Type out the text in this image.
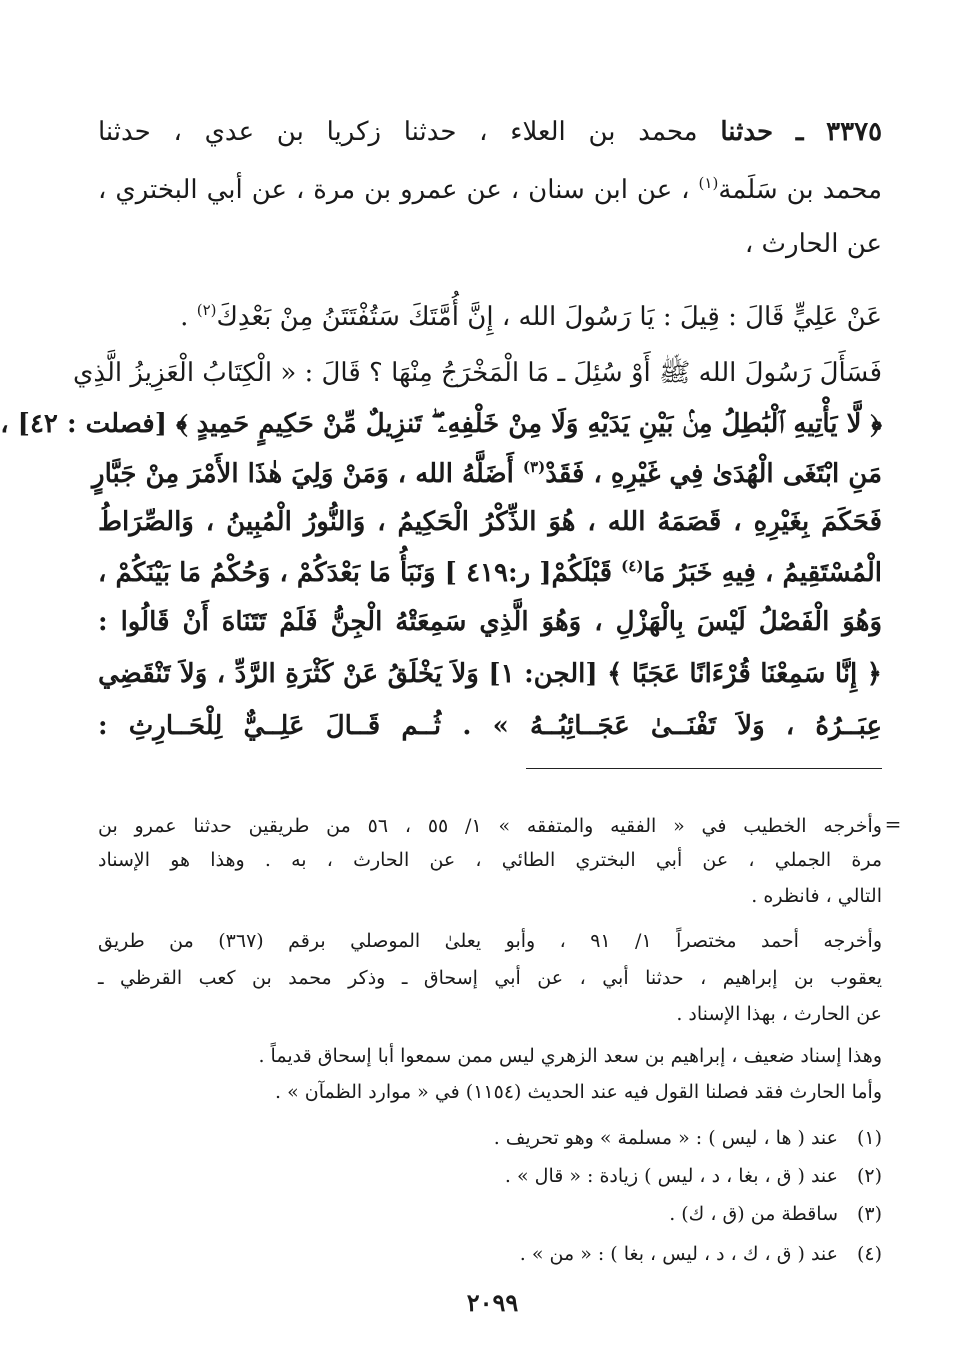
٣٣٧٥ ـ حدثنا محمد بن العلاء ، حدثنا زكريا بن عدي ، حدثنا
محمد بن سَلَمة$^{(١)}$ ، عن ابن سنان ، عن عمرو بن مرة ، عن أبي البختري ،
عن الحارث ،
عَنْ عَلِيٍّ قَالَ : قِيلَ : يَا رَسُولَ الله ، إِنَّ أُمَّتَكَ سَتُفْتَتَنُ مِنْ بَعْدِكَ$^{(٢)}$ .
فَسَأَلَ رَسُولَ الله ﷺ أَوْ سُئِلَ ـ مَا الْمَخْرَجُ مِنْهَا ؟ قَالَ : « الْكِتَابُ الْعَزِيزُ الَّذِي
﴿ لَّا يَأْتِيهِ ٱلْبَٰطِلُ مِنۢ بَيْنِ يَدَيْهِ وَلَا مِنْ خَلْفِهِۦ ۖ تَنزِيلٌ مِّنْ حَكِيمٍ حَمِيدٍ ﴾ [فصلت : ٤٢] ،
مَنِ ابْتَغَى الْهُدَىٰ فِي غَيْرِهِ ، فَقَدْ$^{(٣)}$ أَضَلَّهُ الله ، وَمَنْ وَلِيَ هٰذَا الأَمْرَ مِنْ جَبَّارٍ
فَحَكَمَ بِغَيْرِهِ ، قَصَمَهُ الله ، هُوَ الذِّكْرُ الْحَكِيمُ ، وَالنُّورُ الْمُبِينُ ، وَالصِّرَاطُ
الْمُسْتَقِيمُ ، فِيهِ خَبَرُ مَا$^{(٤)}$ قَبْلَكُمْ[ ر:٤١٩ ] وَنَبَأُ مَا بَعْدَكُمْ ، وَحُكْمُ مَا بَيْنَكُمْ ،
وَهُوَ الْفَصْلُ لَيْسَ بِالْهَزْلِ ، وَهُوَ الَّذِي سَمِعَتْهُ الْجِنُّ فَلَمْ تَتَنَاهَ أَنْ قَالُوا :
﴿ إِنَّا سَمِعْنَا قُرْءَانًا عَجَبًا ﴾ [الجن: ١] وَلاَ يَخْلَقُ عَنْ كَثْرَةِ الرَّدِّ ، وَلاَ تَنْقَضِي
عِبَــرُهُ ، وَلاَ تَفْنَــىٰ عَجَــائِبُــهُ » . ثُــم قَــالَ عَلِــيٌّ لِلْحَــارِثِ :
=
وأخرجه الخطيب في « الفقيه والمتفقه » ١/ ٥٥ ، ٥٦ من طريقين حدثنا عمرو بن
مرة الجملي ، عن أبي البختري الطائي ، عن الحارث ، به . وهذا هو الإسناد
التالي ، فانظره .
وأخرجه أحمد مختصراً ١/ ٩١ ، وأبو يعلىٰ الموصلي برقم (٣٦٧) من طريق
يعقوب بن إبراهيم ، حدثنا أبي ، عن أبي إسحاق ـ وذكر محمد بن كعب القرظي ـ
عن الحارث ، بهذا الإسناد .
وهذا إسناد ضعيف ، إبراهيم بن سعد الزهري ليس ممن سمعوا أبا إسحاق قديماً .
وأما الحارث فقد فصلنا القول فيه عند الحديث (١١٥٤) في « موارد الظمآن » .
(١)عند ( ها ، ليس ) : « مسلمة » وهو تحريف .
(٢)عند ( ق ، بغا ، د ، ليس ) زيادة : « قال » .
(٣)ساقطة من (ق ، ك) .
(٤)عند ( ق ، ك ، د ، ليس ، بغا ) : « من » .
٢٠٩٩
